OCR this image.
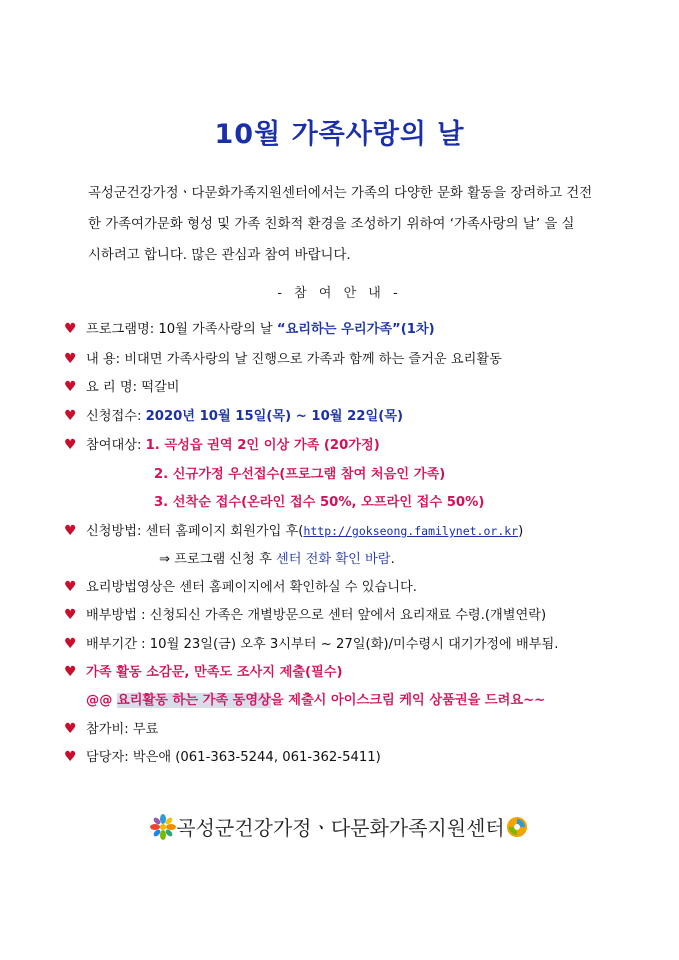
10월 가족사랑의 날
곡성군건강가정ㆍ다문화가족지원센터에서는 가족의 다양한 문화 활동을 장려하고 건전
한 가족여가문화 형성 및 가족 친화적 환경을 조성하기 위하여 ‘가족사랑의 날’ 을 실
시하려고 합니다. 많은 관심과 참여 바랍니다.
- 참 여 안 내 -
♥ 프로그램명: 10월 가족사랑의 날 “요리하는 우리가족”(1차)
♥ 내 용: 비대면 가족사랑의 날 진행으로 가족과 함께 하는 즐거운 요리활동
♥ 요 리 명: 떡갈비
♥ 신청접수: 2020년 10월 15일(목) ~ 10월 22일(목)
♥ 참여대상: 1. 곡성읍 권역 2인 이상 가족 (20가정)
2. 신규가정 우선접수(프로그램 참여 처음인 가족)
3. 선착순 접수(온라인 접수 50%, 오프라인 접수 50%)
♥ 신청방법: 센터 홈페이지 회원가입 후(http://gokseong.familynet.or.kr)
⇒ 프로그램 신청 후 센터 전화 확인 바람.
♥ 요리방법영상은 센터 홈페이지에서 확인하실 수 있습니다.
♥ 배부방법 : 신청되신 가족은 개별방문으로 센터 앞에서 요리재료 수령.(개별연락)
♥ 배부기간 : 10월 23일(금) 오후 3시부터 ~ 27일(화)/미수령시 대기가정에 배부됨.
♥ 가족 활동 소감문, 만족도 조사지 제출(필수)
@@ 요리활동 하는 가족 동영상을 제출시 아이스크림 케익 상품권을 드려요~~
♥ 참가비: 무료
♥ 담당자: 박은애 (061-363-5244, 061-362-5411)
곡성군건강가정ㆍ다문화가족지원센터
